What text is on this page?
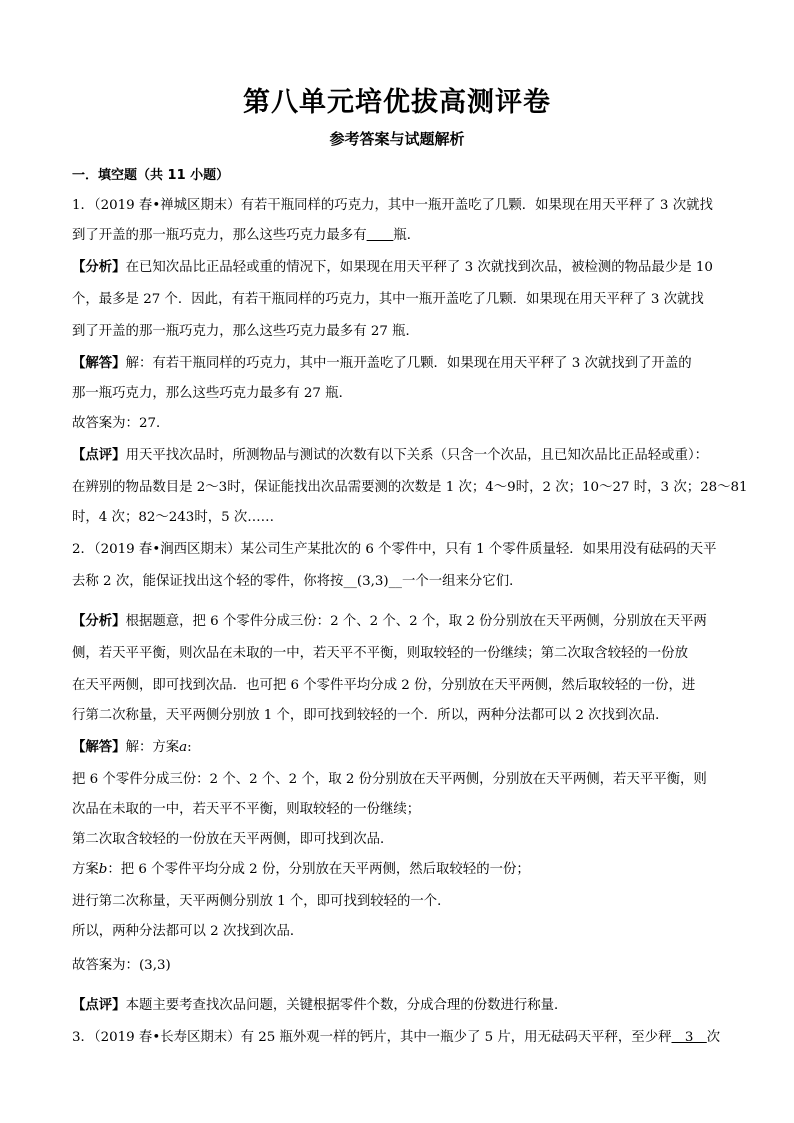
第八单元培优拔高测评卷
参考答案与试题解析
一．填空题（共 11 小题）
1．（2019 春•禅城区期末）有若干瓶同样的巧克力，其中一瓶开盖吃了几颗．如果现在用天平秤了 3 次就找
到了开盖的那一瓶巧克力，那么这些巧克力最多有　　 瓶．
【分析】在已知次品比正品轻或重的情况下，如果现在用天平秤了 3 次就找到次品，被检测的物品最少是 10
个，最多是 27 个．因此，有若干瓶同样的巧克力，其中一瓶开盖吃了几颗．如果现在用天平秤了 3 次就找
到了开盖的那一瓶巧克力，那么这些巧克力最多有 27 瓶．
【解答】解：有若干瓶同样的巧克力，其中一瓶开盖吃了几颗．如果现在用天平秤了 3 次就找到了开盖的
那一瓶巧克力，那么这些巧克力最多有 27 瓶．
故答案为：27．
【点评】用天平找次品时，所测物品与测试的次数有以下关系（只含一个次品，且已知次品比正品轻或重）：
在辨别的物品数目是 2～3时，保证能找出次品需要测的次数是 1 次；4～9时，2 次；10～27 时，3 次；28～81
时，4 次；82～243时，5 次……
2．（2019 春•涧西区期末）某公司生产某批次的 6 个零件中，只有 1 个零件质量轻．如果用没有砝码的天平
去称 2 次，能保证找出这个轻的零件，你将按__(3,3)__一个一组来分它们．
【分析】根据题意，把 6 个零件分成三份：2 个、2 个、2 个，取 2 份分别放在天平两侧，分别放在天平两
侧，若天平平衡，则次品在未取的一中，若天平不平衡，则取较轻的一份继续；第二次取含较轻的一份放
在天平两侧，即可找到次品．也可把 6 个零件平均分成 2 份，分别放在天平两侧，然后取较轻的一份，进
行第二次称量，天平两侧分别放 1 个，即可找到较轻的一个．所以，两种分法都可以 2 次找到次品．
【解答】解：方案a:
把 6 个零件分成三份：2 个、2 个、2 个，取 2 份分别放在天平两侧，分别放在天平两侧，若天平平衡，则
次品在未取的一中，若天平不平衡，则取较轻的一份继续；
第二次取含较轻的一份放在天平两侧，即可找到次品．
方案b：把 6 个零件平均分成 2 份，分别放在天平两侧，然后取较轻的一份；
进行第二次称量，天平两侧分别放 1 个，即可找到较轻的一个．
所以，两种分法都可以 2 次找到次品．
故答案为：(3,3)
【点评】本题主要考查找次品问题，关键根据零件个数，分成合理的份数进行称量．
3．（2019 春•长寿区期末）有 25 瓶外观一样的钙片，其中一瓶少了 5 片，用无砝码天平秤，至少秤　3　次
